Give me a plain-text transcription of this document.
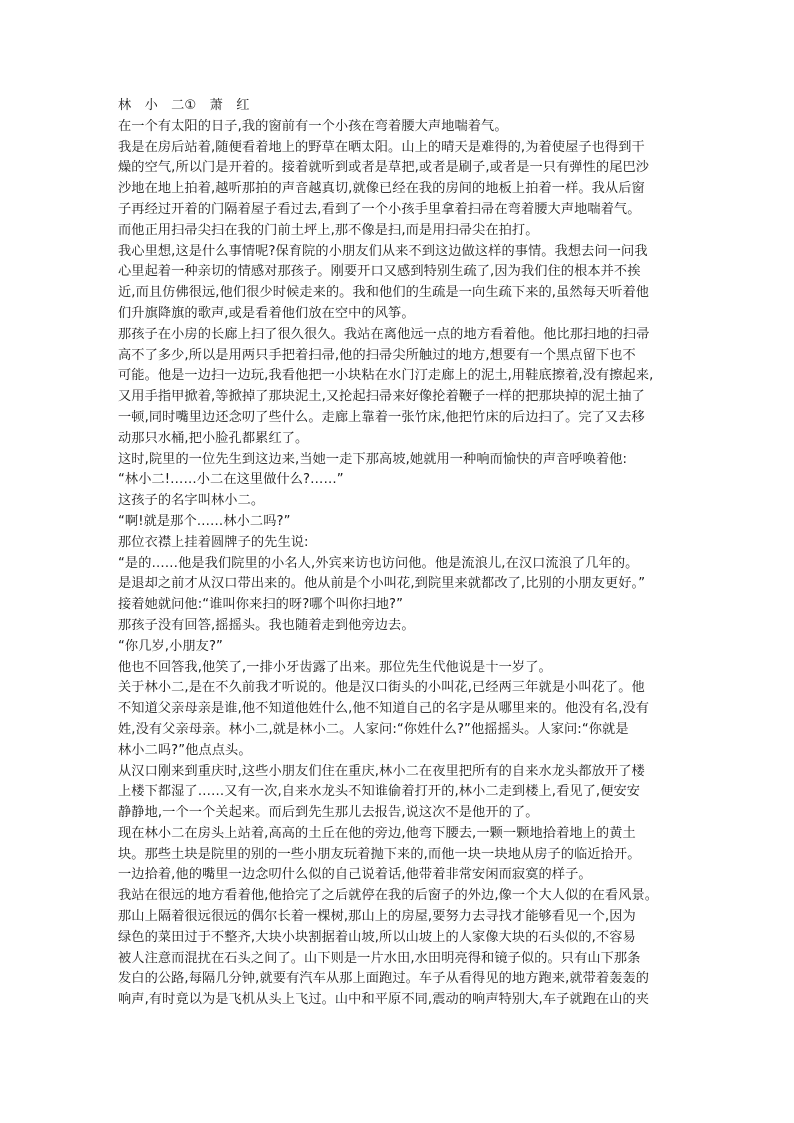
林　小　二①　萧　红
在一个有太阳的日子,我的窗前有一个小孩在弯着腰大声地喘着气。
我是在房后站着,随便看着地上的野草在晒太阳。山上的晴天是难得的,为着使屋子也得到干
燥的空气,所以门是开着的。接着就听到或者是草把,或者是刷子,或者是一只有弹性的尾巴沙
沙地在地上拍着,越听那拍的声音越真切,就像已经在我的房间的地板上拍着一样。我从后窗
子再经过开着的门隔着屋子看过去,看到了一个小孩手里拿着扫帚在弯着腰大声地喘着气。
而他正用扫帚尖扫在我的门前土坪上,那不像是扫,而是用扫帚尖在拍打。
我心里想,这是什么事情呢?保育院的小朋友们从来不到这边做这样的事情。我想去问一问我
心里起着一种亲切的情感对那孩子。刚要开口又感到特别生疏了,因为我们住的根本并不挨
近,而且仿佛很远,他们很少时候走来的。我和他们的生疏是一向生疏下来的,虽然每天听着他
们升旗降旗的歌声,或是看着他们放在空中的风筝。
那孩子在小房的长廊上扫了很久很久。我站在离他远一点的地方看着他。他比那扫地的扫帚
高不了多少,所以是用两只手把着扫帚,他的扫帚尖所触过的地方,想要有一个黑点留下也不
可能。他是一边扫一边玩,我看他把一小块粘在水门汀走廊上的泥土,用鞋底擦着,没有擦起来,
又用手指甲掀着,等掀掉了那块泥土,又抡起扫帚来好像抡着鞭子一样的把那块掉的泥土抽了
一顿,同时嘴里边还念叨了些什么。走廊上靠着一张竹床,他把竹床的后边扫了。完了又去移
动那只水桶,把小脸孔都累红了。
这时,院里的一位先生到这边来,当她一走下那高坡,她就用一种响而愉快的声音呼唤着他:
“林小二!……小二在这里做什么?……”
这孩子的名字叫林小二。
“啊!就是那个……林小二吗?”
那位衣襟上挂着圆牌子的先生说:
“是的……他是我们院里的小名人,外宾来访也访问他。他是流浪儿,在汉口流浪了几年的。
是退却之前才从汉口带出来的。他从前是个小叫花,到院里来就都改了,比别的小朋友更好。”
接着她就问他:“谁叫你来扫的呀?哪个叫你扫地?”
那孩子没有回答,摇摇头。我也随着走到他旁边去。
“你几岁,小朋友?”
他也不回答我,他笑了,一排小牙齿露了出来。那位先生代他说是十一岁了。
关于林小二,是在不久前我才听说的。他是汉口街头的小叫花,已经两三年就是小叫花了。他
不知道父亲母亲是谁,他不知道他姓什么,他不知道自己的名字是从哪里来的。他没有名,没有
姓,没有父亲母亲。林小二,就是林小二。人家问:“你姓什么?”他摇摇头。人家问:“你就是
林小二吗?”他点点头。
从汉口刚来到重庆时,这些小朋友们住在重庆,林小二在夜里把所有的自来水龙头都放开了楼
上楼下都湿了……又有一次,自来水龙头不知谁偷着打开的,林小二走到楼上,看见了,便安安
静静地,一个一个关起来。而后到先生那儿去报告,说这次不是他开的了。
现在林小二在房头上站着,高高的土丘在他的旁边,他弯下腰去,一颗一颗地拾着地上的黄土
块。那些土块是院里的别的一些小朋友玩着抛下来的,而他一块一块地从房子的临近拾开。
一边拾着,他的嘴里一边念叨什么似的自己说着话,他带着非常安闲而寂寞的样子。
我站在很远的地方看着他,他拾完了之后就停在我的后窗子的外边,像一个大人似的在看风景。
那山上隔着很远很远的偶尔长着一棵树,那山上的房屋,要努力去寻找才能够看见一个,因为
绿色的菜田过于不整齐,大块小块割据着山坡,所以山坡上的人家像大块的石头似的,不容易
被人注意而混扰在石头之间了。山下则是一片水田,水田明亮得和镜子似的。只有山下那条
发白的公路,每隔几分钟,就要有汽车从那上面跑过。车子从看得见的地方跑来,就带着轰轰的
响声,有时竟以为是飞机从头上飞过。山中和平原不同,震动的响声特别大,车子就跑在山的夹
